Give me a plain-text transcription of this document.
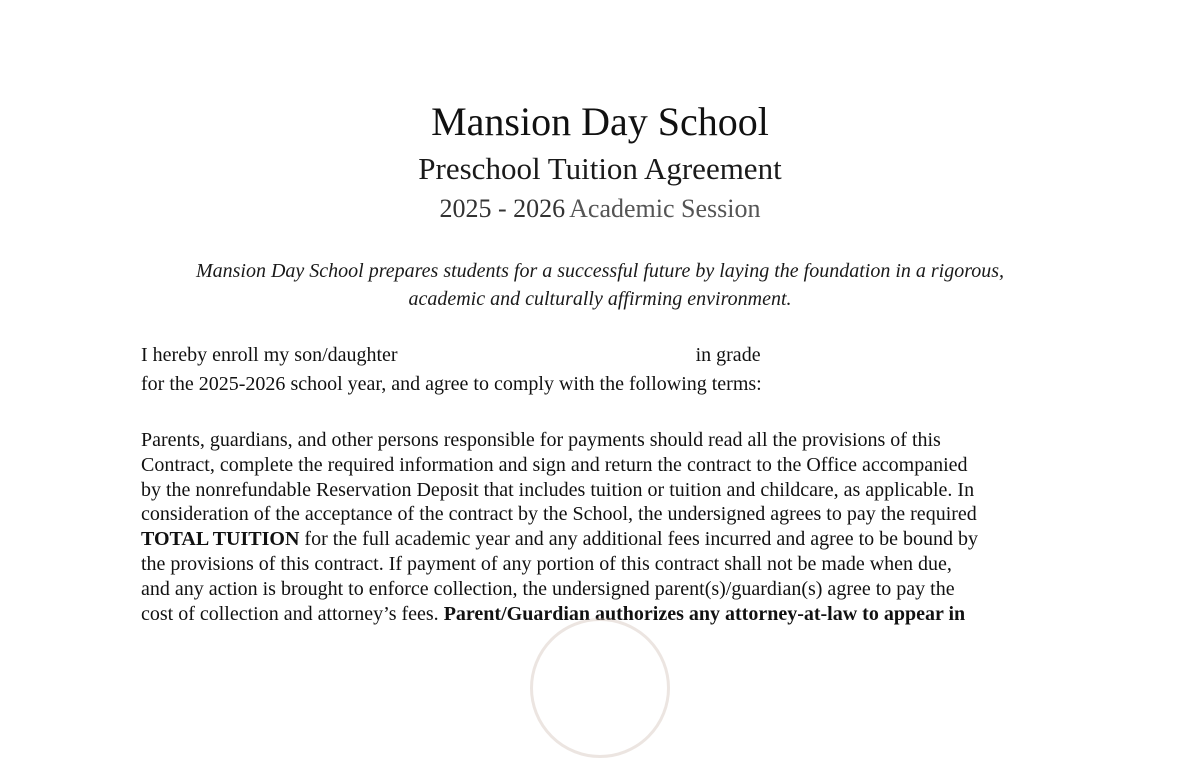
Mansion Day School
Preschool Tuition Agreement
2025 - 2026 Academic Session
Mansion Day School prepares students for a successful future by laying the foundation in a rigorous,
academic and culturally affirming environment.
I hereby enroll my son/daughter	in grade
for the 2025-2026 school year, and agree to comply with the following terms:
Parents, guardians, and other persons responsible for payments should read all the provisions of this
Contract, complete the required information and sign and return the contract to the Office accompanied
by the nonrefundable Reservation Deposit that includes tuition or tuition and childcare, as applicable. In
consideration of the acceptance of the contract by the School, the undersigned agrees to pay the required
TOTAL TUITION for the full academic year and any additional fees incurred and agree to be bound by
the provisions of this contract. If payment of any portion of this contract shall not be made when due,
and any action is brought to enforce collection, the undersigned parent(s)/guardian(s) agree to pay the
cost of collection and attorney’s fees. Parent/Guardian authorizes any attorney-at-law to appear in
